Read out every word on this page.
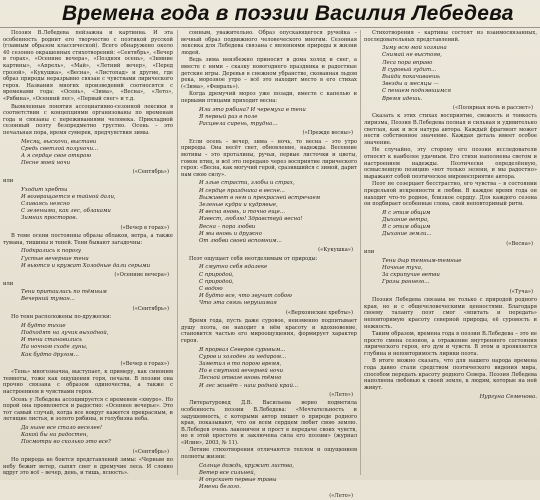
Времена года в поэзии Василия Лебедева
Поэзия В.Лебедева пейзажна и картинна. И эта особенность роднит его творчество с поэтикой русской (главным образом классической). Всего обнаружено около 40 сезонно окрашенных стихотворений: «Сентябрь», «Вечер в горах», «Осенние вечера», «Поздняя осень», «Зимние картины», «Апрель», «Май», «Летний вечер», «Перед грозой», «Кукушка», «Весна», «Листопад» и другие, где образ природы неразрывно связан с чувствами лирического героя. Названия многих произведений соотносятся с временами года: «Осень», «Зима», «Весна», «Лето», «Рябина», «Осенний лес», «Первый снег» и т.д.
Выявленные понятия ассоциативно-сезонной лексики в соответствии с концепциями организованы по временам года и связаны с переживаниями человека. Прикладной сезонный поэту безпредметно грустно. Осень – это печальная пора, время сумерек, предчувствия зимы.
Месяц, выскочи, выстави
Средь светлой полуночи...
А я сердце свое открою
Песне моей ночи
(«Сентябрь»)
или
Уходит хребты
И возвращается в тайной дали,
Сливаясь неясно
С зелеными, как лес, облаками
Зимних просторов.
(«Вечер в горах»)
В теме осени постоянны образы облаков, ветра, а также тумана, тишины и теней. Тени бывают загадочны:
Подкрались к порогу
Густые вечерние тени
И вьются и кружат Холодные дали серыми
(«Осенние вечера»)
или
Тени притаились по тёмным
Вечерний туман...
(«Сентябрь»)
Но тени расположены по-дружески:
И будто тихие
Подходят на лучик выходной,
И тени становились
На ночном сходе луны,
Как будто другом...
(«Вечер в горах»)
«Тень» многозначна, выступает, к примеру, как синоним темноты, тоже как ощущения горя, печали. В поэзии она прочно связана с образом одиночества, а также с настроением и чувствами героя.
Осень у Лебедева ассоциируется с временем «хмуро». Но порой она проявляется и радостно: «Осеннее вечерье». Это тот самый случай, когда все вокруг кажется прекрасным, и летящие листья, и золото рябины, и голубизна неба.
Да ныне все стало веселее!
Какой бы ни радостен,
Посмотри во сколько это все?
(«Сентябрь»)
Но природа не боится представлений зимы: «Черным по небу бежит ветер, сыпят снег в дремучие леса. И словно вдруг это всё – вечер, день, и тишь, ясность».
сонным, уважительно. Образ опускающегося ручейка – вечный образ подвижного человеческого многим. Сезонная лексика для Лебедева связана с явлениями природы и жизни людей.
Ведь зима неизбежно приносит в дома холод и снег, а вместе с ними – сказку новогоднего праздника и радостные детские игры. Деревья в снежном убранстве, скованная льдом река, морозное утро – всё это находит место в его стихах («Зима», «Февраль»).
Когда дремучий мороз уже позади, вместе с капелью и первыми птицами приходит весна:
Или это рябина? И черемуха в тени
Я первый раз в поле
Расцвела сирень, трудна…
(«Прежде весны»)
Если осень – вечер, зима – ночь, то весна – это утро природы. Она несёт свет, обновление, надежды. Весенние мотивы – это проталины, ручьи, первые листочки и цветы, гомон птиц, и всё это передано через восприятие лирического героя: «Весна, как могучий герой, сразившийся с зимой, дарит нам свою силу».
И злые страсти, злобы и страх,
И сердце праздника в весне...
Выживет в нем и прекрасней встречаем
Зеленые кудри и кудрявые,
И весна вновь, и точно еще...
Извест, люблю! Здравствуй весна!
Весна – пора любви
И мы вновь и дружно
От любви своей вспомним...
(«Кукушка»)
Поэт ощущает себя неотделимым от природы:
И смутно себя вдалеке
С природой,
С природой,
С водою
И будто все, что звучит собою
Что эта связь нерушимая
(«Верхоянские хребты»)
Время года, пусть даже суровое, неизменно подпитывает душу поэта, он находит в нём красоту и вдохновение, становится частью его мироощущения, формирует характер героя.
Я прорвал Северов суровым...
Суров и холоден ли недаром...
Заметил в то порою время,
Но в смутной вечерней ночи
Лесной отваге вновь тёмно
И лес живёт – наш родной край...
(«Лето»)
Литературовед Д.В. Васильева верно подметила особенность поэзии В.Лебедева: «Мечтательность и задушевность, с которыми автор пишет о природе родного края, показывают, что он всем сердцем любит свою землю. В.Лебедев очень лаконичен и прост в передаче своих чувств, но в этой простоте и заключена сила его поэзии» (журнал «Илин», 2003, № 11).
Летние стихотворения отличаются теплом и ощущением полноты жизни:
Солнце дождь, кружит листва,
Ветер все сильней,
И опускает первые травы
Имени белого.
(«Лето»)
Стихотворения – картины состоят из взаимосвязанных, последовательных представлений.
Зиму всю мой хозяина
Снимай не выстояв,
Леса пора вправо
В суровый гудит...
Выйди покачиваешь
Звезды и месяцы —
С пением поднявшимся
Время идешь.
(«Полярная ночь и рассвет»)
Сказать к этих стихах восприятие, свежесть и тонкость лиризма, Поэзия В.Лебедева полная и сильная и удивительно светлая, как и вся натура автора. Каждый фрагмент может нести собственное значение. Каждая деталь имеет особое значение.
Не случайно, эту сторону его поэзии исследователи относят к наиболее удачным. Его стихи наполнены светом и настроением надежды. Поэтически определённую, осмысленную позицию «вот только зелени, и мы радостно» выражают собой поэтическое мировосприятие автора.
Поэт не созерцает бесстрастно, его чувства – в состоянии предельной искренности и любви. В каждое время года он находит что-то родное, близкое сердцу. Для каждого сезона он подбирает особенные слова, свой неповторимый ритм.
Я с этим общим
Дыхание ветра,
Я с этим общим
Дыхание земли...
(«Весна»)
или
Тени дыр темным-темные
Ночные туча,
За скрипучие ветви
Грозы раннего...
(«Туча»)
Поэзия Лебедева связана не только с природой родного края, но и с общечеловеческими ценностями. Благодаря своему таланту поэт смог «впитать и передать» неповторимую красоту северной природы, её суровость и нежность.
Таким образом, времена года в поэзии В.Лебедева – это не просто смена сезонов, а отражение внутреннего состояния лирического героя, его дум и чувств. В этом и проявляется глубина и неповторимость лирики поэта.
В итоге можно сказать, что для нашего народа времена года давно стали средством поэтического видения мира, способом передать красоту родного Севера. Поэзия Лебедева наполнена любовью к своей земле, к людям, которые на ней живут.
Нургуна Семенова.
